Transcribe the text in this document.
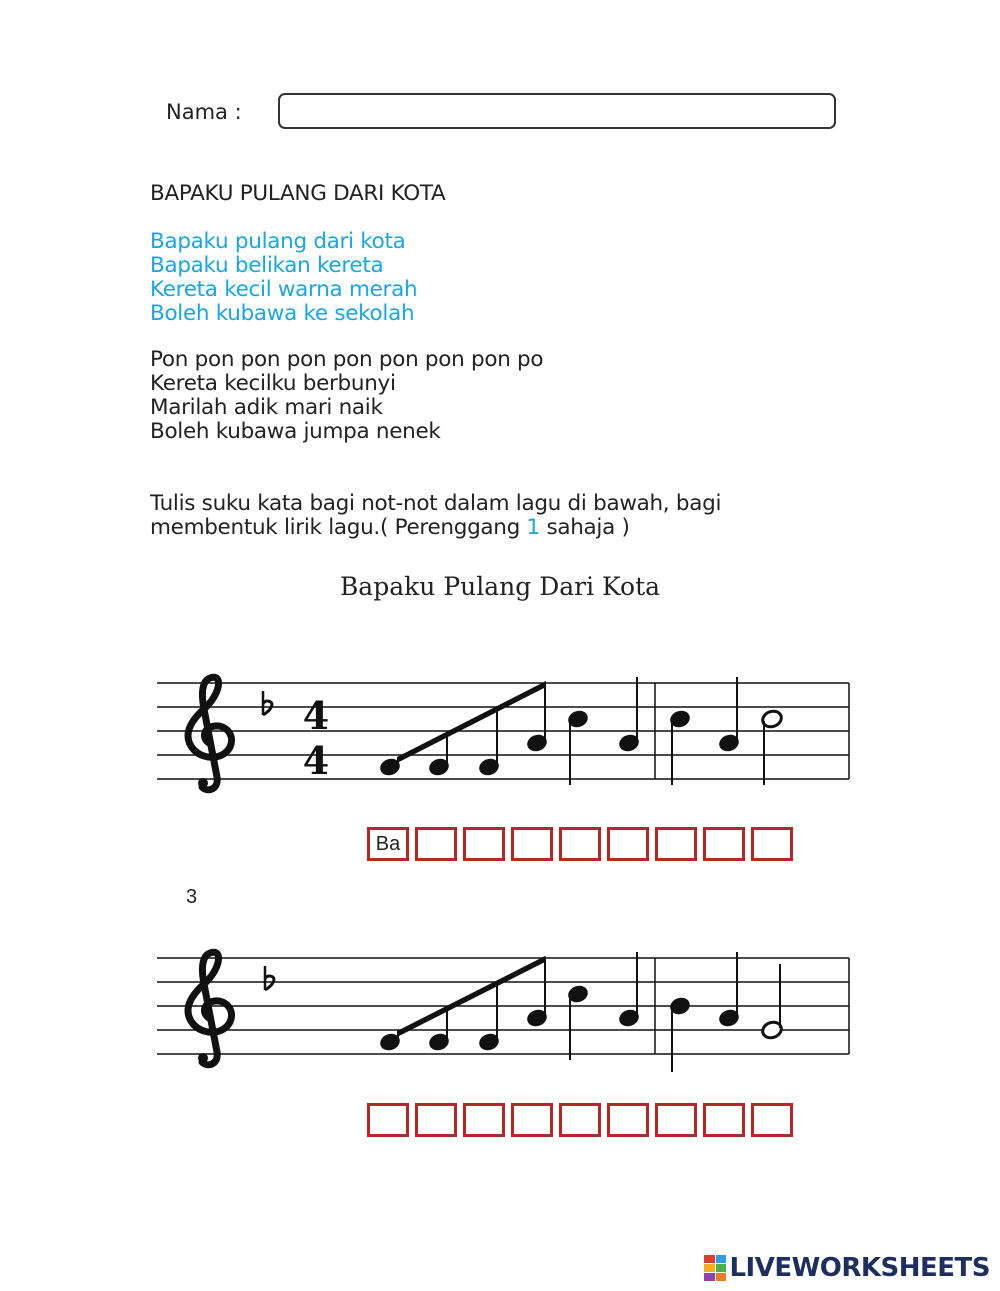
Nama :
BAPAKU PULANG DARI KOTA
Bapaku pulang dari kota
Bapaku belikan kereta
Kereta kecil warna merah
Boleh kubawa ke sekolah
Pon pon pon pon pon pon pon pon po
Kereta kecilku berbunyi
Marilah adik mari naik
Boleh kubawa jumpa nenek
Tulis suku kata bagi not-not dalam lagu di bawah, bagi
membentuk lirik lagu.( Perenggang 1 sahaja )
Bapaku Pulang Dari Kota
4
4
3
Ba
LIVEWORKSHEETS
